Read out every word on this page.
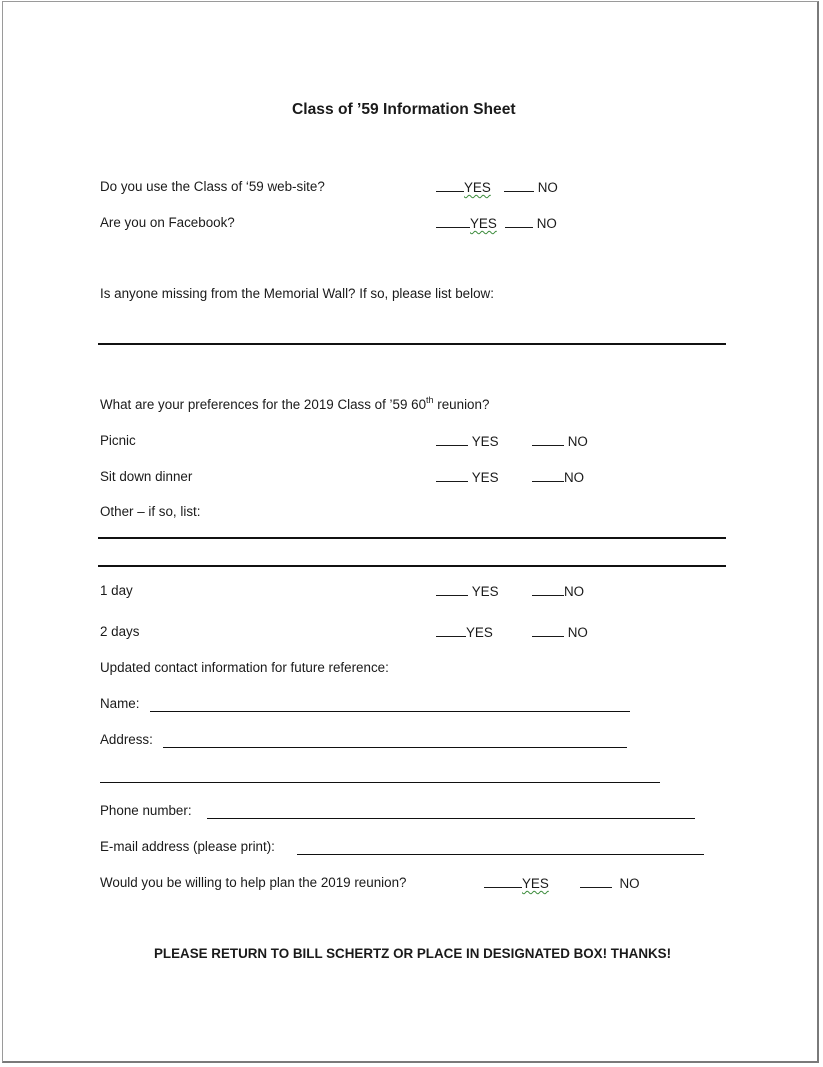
Class of ’59 Information Sheet
Do you use the Class of ‘59 web-site?	YES	NO
Are you on Facebook?	YES	NO
Is anyone missing from the Memorial Wall? If so, please list below:
What are your preferences for the 2019 Class of ’59 60th reunion?
Picnic	YES	NO
Sit down dinner	YES	NO
Other – if so, list:
1 day	YES	NO
2 days	YES	NO
Updated contact information for future reference:
Name:
Address:
Phone number:
E-mail address (please print):
Would you be willing to help plan the 2019 reunion?	YES	NO
PLEASE RETURN TO BILL SCHERTZ OR PLACE IN DESIGNATED BOX! THANKS!
